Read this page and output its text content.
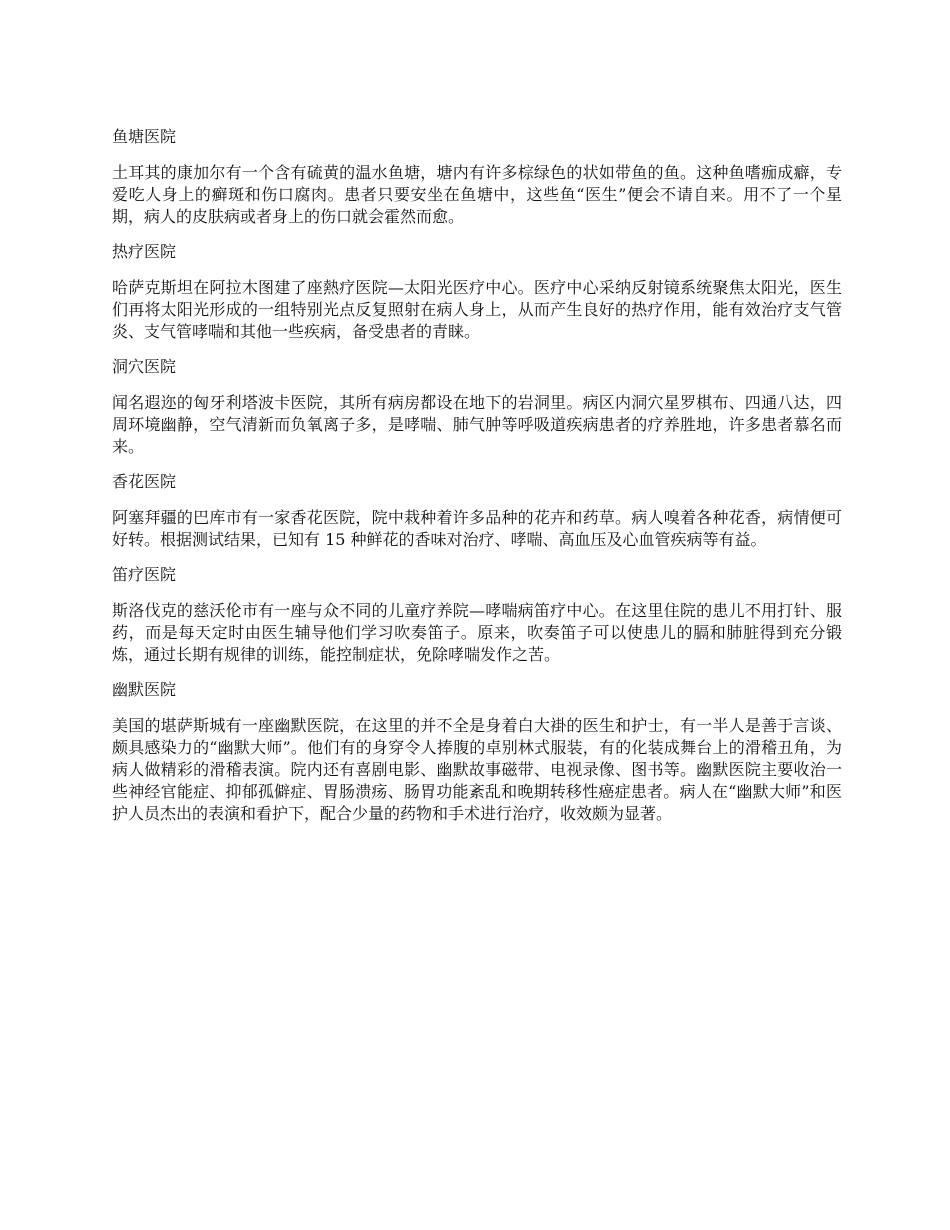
鱼塘医院

土耳其的康加尔有一个含有硫黄的温水鱼塘，塘内有许多棕绿色的状如带鱼的鱼。这种鱼嗜痂成癖，专爱吃人身上的癣斑和伤口腐肉。患者只要安坐在鱼塘中，这些鱼“医生”便会不请自来。用不了一个星期，病人的皮肤病或者身上的伤口就会霍然而愈。

热疗医院

哈萨克斯坦在阿拉木图建了座熱疗医院—太阳光医疗中心。医疗中心采纳反射镜系统聚焦太阳光，医生们再将太阳光形成的一组特别光点反复照射在病人身上，从而产生良好的热疗作用，能有效治疗支气管炎、支气管哮喘和其他一些疾病，备受患者的青睐。

洞穴医院

闻名遐迩的匈牙利塔波卡医院，其所有病房都设在地下的岩洞里。病区内洞穴星罗棋布、四通八达，四周环境幽静，空气清新而负氧离子多，是哮喘、肺气肿等呼吸道疾病患者的疗养胜地，许多患者慕名而来。

香花医院

阿塞拜疆的巴库市有一家香花医院，院中栽种着许多品种的花卉和药草。病人嗅着各种花香，病情便可好转。根据测试结果，已知有 15 种鲜花的香味对治疗、哮喘、高血压及心血管疾病等有益。

笛疗医院

斯洛伐克的慈沃伦市有一座与众不同的儿童疗养院—哮喘病笛疗中心。在这里住院的患儿不用打针、服药，而是每天定时由医生辅导他们学习吹奏笛子。原来，吹奏笛子可以使患儿的膈和肺脏得到充分锻炼，通过长期有规律的训练，能控制症状，免除哮喘发作之苦。

幽默医院

美国的堪萨斯城有一座幽默医院，在这里的并不全是身着白大褂的医生和护士，有一半人是善于言谈、颇具感染力的“幽默大师”。他们有的身穿令人捧腹的卓别林式服装，有的化装成舞台上的滑稽丑角，为病人做精彩的滑稽表演。院内还有喜剧电影、幽默故事磁带、电视录像、图书等。幽默医院主要收治一些神经官能症、抑郁孤僻症、胃肠溃疡、肠胃功能紊乱和晚期转移性癌症患者。病人在“幽默大师”和医护人员杰出的表演和看护下，配合少量的药物和手术进行治疗，收效颇为显著。
